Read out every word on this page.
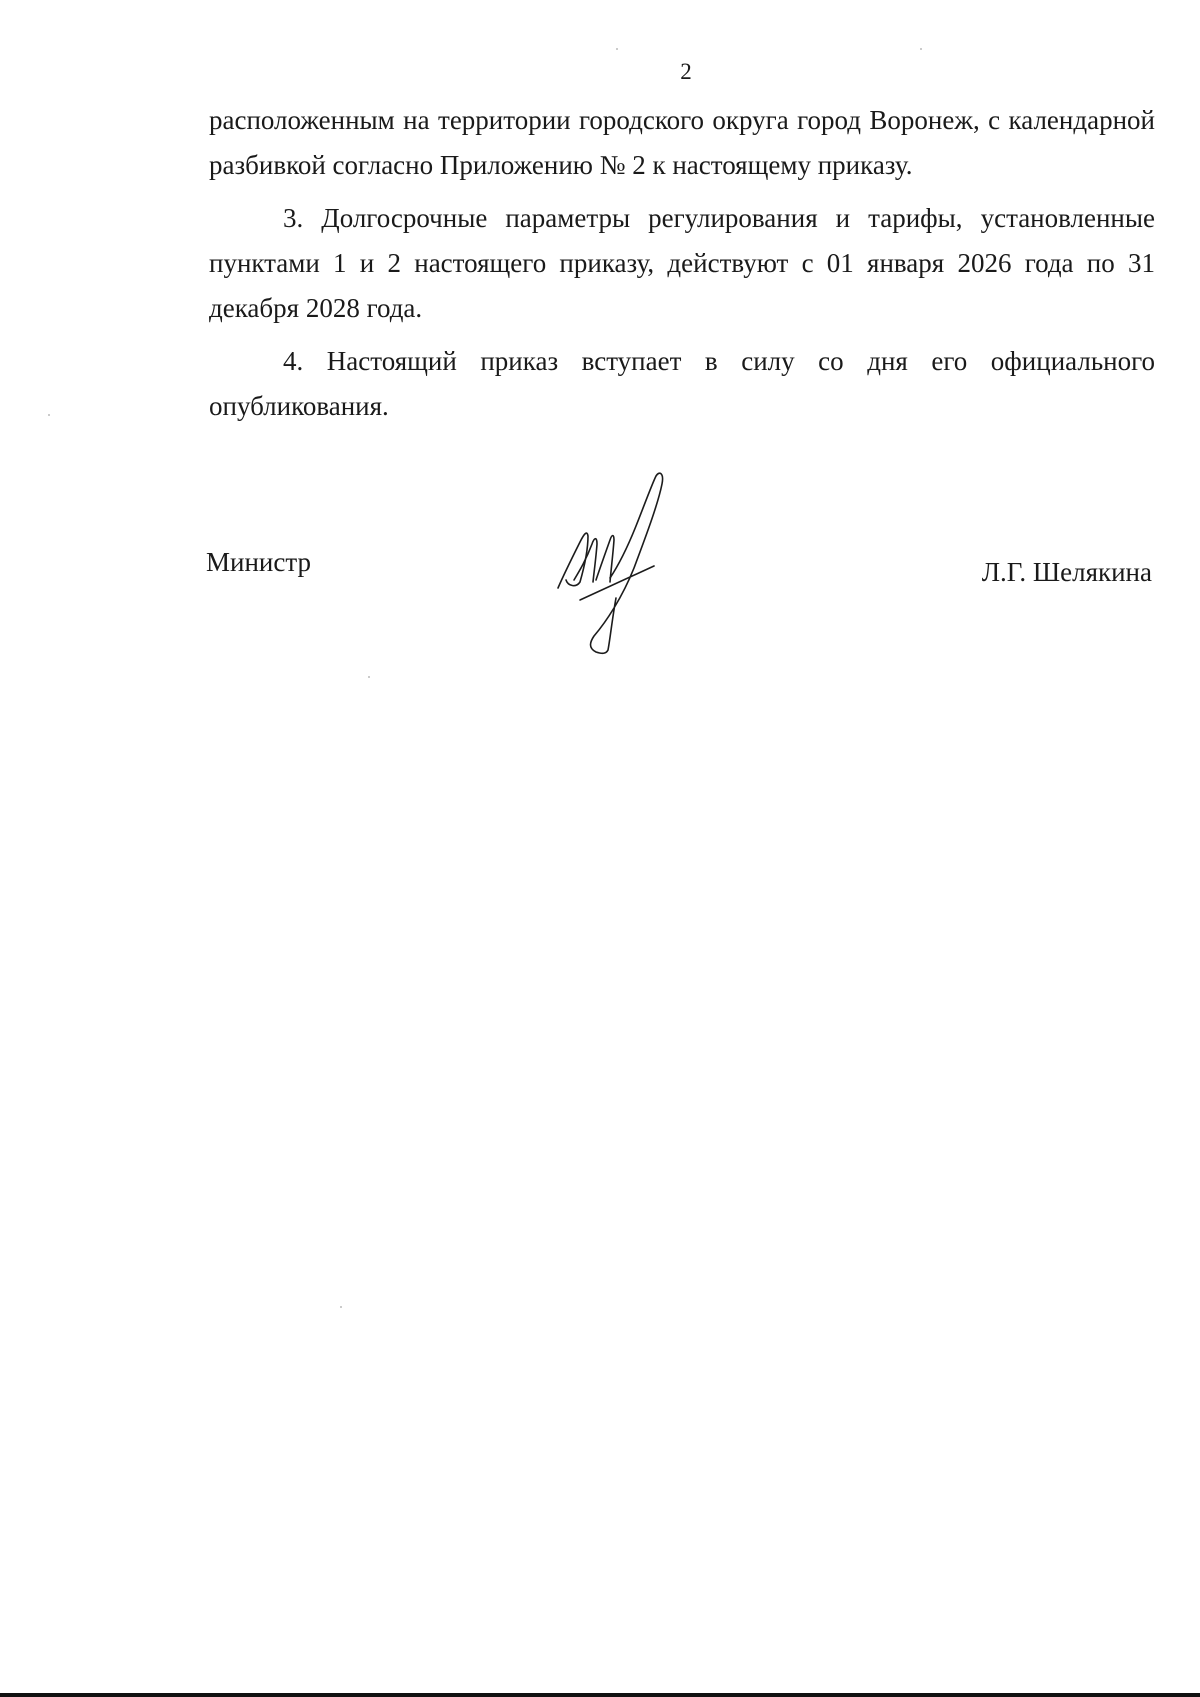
2

расположенным на территории городского округа город Воронеж, с календарной разбивкой согласно Приложению № 2 к настоящему приказу.

3. Долгосрочные параметры регулирования и тарифы, установленные пунктами 1 и 2 настоящего приказу, действуют с 01 января 2026 года по 31 декабря 2028 года.

4. Настоящий приказ вступает в силу со дня его официального опубликования.

Министр	Л.Г. Шелякина
